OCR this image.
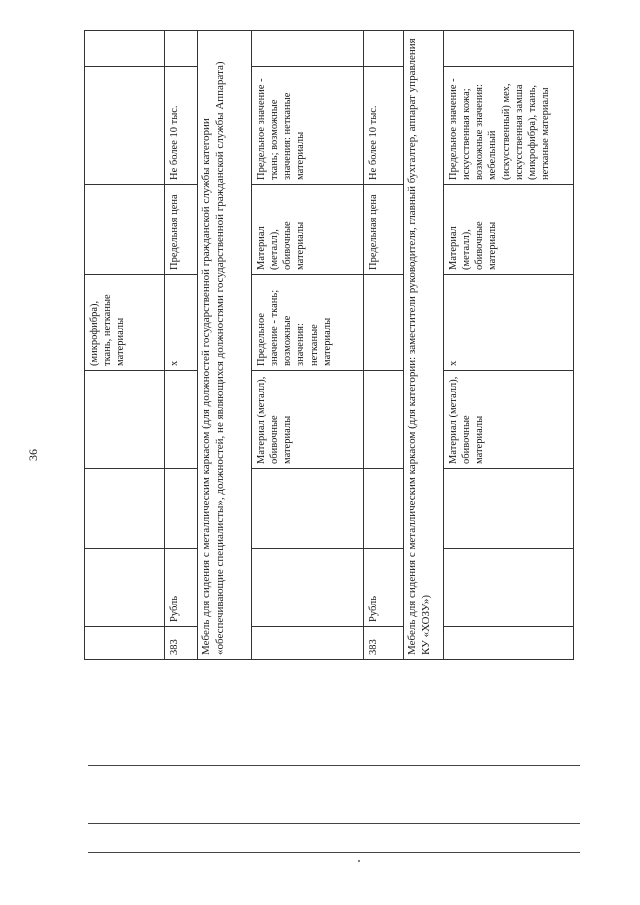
36
				(микрофибра), ткань, нетканые материалы			
383	Рубль			x	Предельная цена	Не более 10 тыс.	
Мебель для сидения с металлическим каркасом (для должностей государственной гражданской службы категории «обеспечивающие специалисты», должностей, не являющихся должностями государственной гражданской службы Аппарата)							
			Материал (металл), обивочные материалы	Предельное значение - ткань; возможные значения: нетканые материалы	Материал (металл), обивочные материалы	Предельное значение - ткань; возможные значения: нетканые материалы	
383	Рубль				Предельная цена	Не более 10 тыс.	
Мебель для сидения с металлическим каркасом (для категории: заместители руководителя, главный бухгалтер, аппарат управления КУ «ХОЗУ»)							
			Материал (металл), обивочные материалы	x	Материал (металл), обивочные материалы	Предельное значение - искусственная кожа; возможные значения: мебельный (искусственный) мех, искусственная замша (микрофибра), ткань, нетканые материалы	
